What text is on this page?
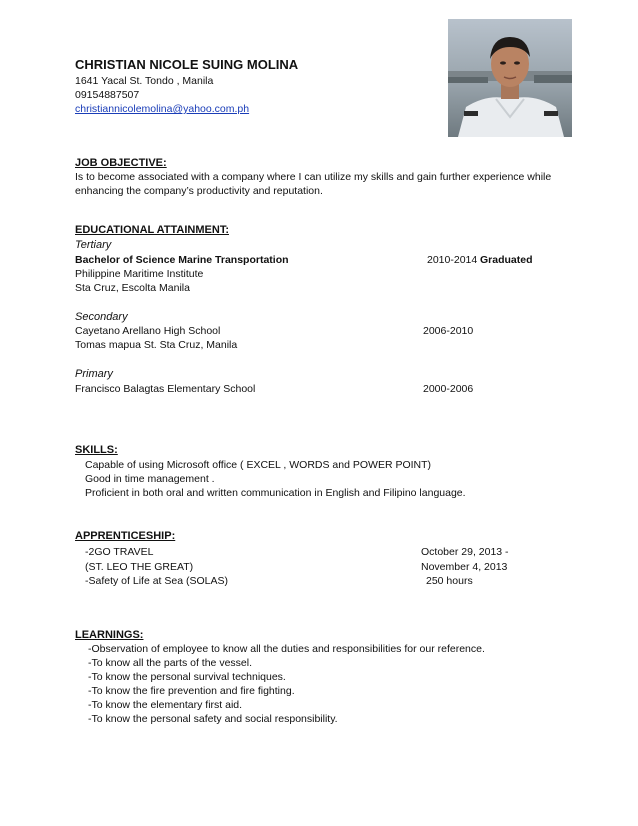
CHRISTIAN NICOLE SUING MOLINA
1641 Yacal St. Tondo , Manila
09154887507
christiannicolemolina@yahoo.com.ph
JOB OBJECTIVE:
Is to become associated with a company where I can utilize my skills and gain further experience while enhancing the company’s productivity and reputation.
EDUCATIONAL ATTAINMENT:
Tertiary
Bachelor of Science Marine Transportation	2010-2014 Graduated
Philippine Maritime Institute
Sta Cruz, Escolta Manila
Secondary
Cayetano Arellano High School	2006-2010
Tomas mapua St. Sta Cruz, Manila
Primary
Francisco Balagtas Elementary School	2000-2006
SKILLS:
Capable of using Microsoft office ( EXCEL , WORDS and POWER POINT)
Good in time management .
Proficient in both oral and written communication in English and Filipino language.
APPRENTICESHIP:
-2GO TRAVEL	October 29, 2013 -
(ST. LEO THE GREAT)	November 4, 2013
-Safety of Life at Sea (SOLAS)	250 hours
LEARNINGS:
-Observation of employee to know all the duties and responsibilities for our reference.
-To know all the parts of the vessel.
-To know the personal survival techniques.
-To know the fire prevention and fire fighting.
-To know the elementary first aid.
-To know the personal safety and social responsibility.
